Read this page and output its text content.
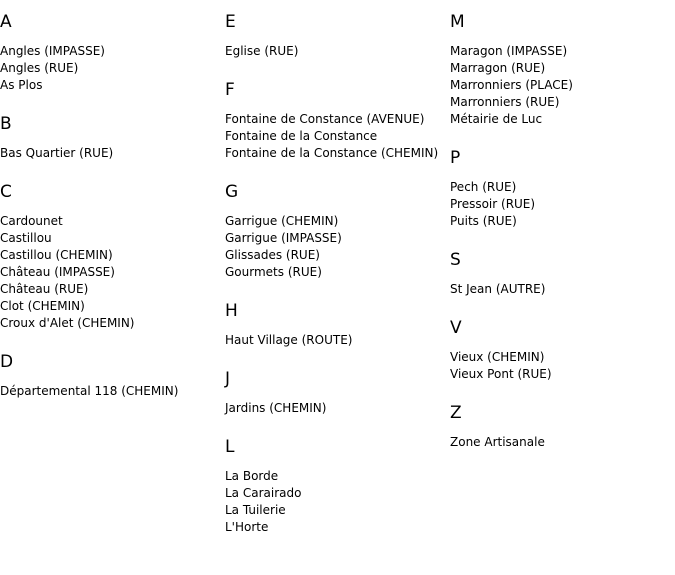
A
Angles (IMPASSE)
Angles (RUE)
As Plos
B
Bas Quartier (RUE)
C
Cardounet
Castillou
Castillou (CHEMIN)
Château (IMPASSE)
Château (RUE)
Clot (CHEMIN)
Croux d'Alet (CHEMIN)
D
Départemental 118 (CHEMIN)
E
Eglise (RUE)
F
Fontaine de Constance (AVENUE)
Fontaine de la Constance
Fontaine de la Constance (CHEMIN)
G
Garrigue (CHEMIN)
Garrigue (IMPASSE)
Glissades (RUE)
Gourmets (RUE)
H
Haut Village (ROUTE)
J
Jardins (CHEMIN)
L
La Borde
La Carairado
La Tuilerie
L'Horte
M
Maragon (IMPASSE)
Marragon (RUE)
Marronniers (PLACE)
Marronniers (RUE)
Métairie de Luc
P
Pech (RUE)
Pressoir (RUE)
Puits (RUE)
S
St Jean (AUTRE)
V
Vieux (CHEMIN)
Vieux Pont (RUE)
Z
Zone Artisanale
